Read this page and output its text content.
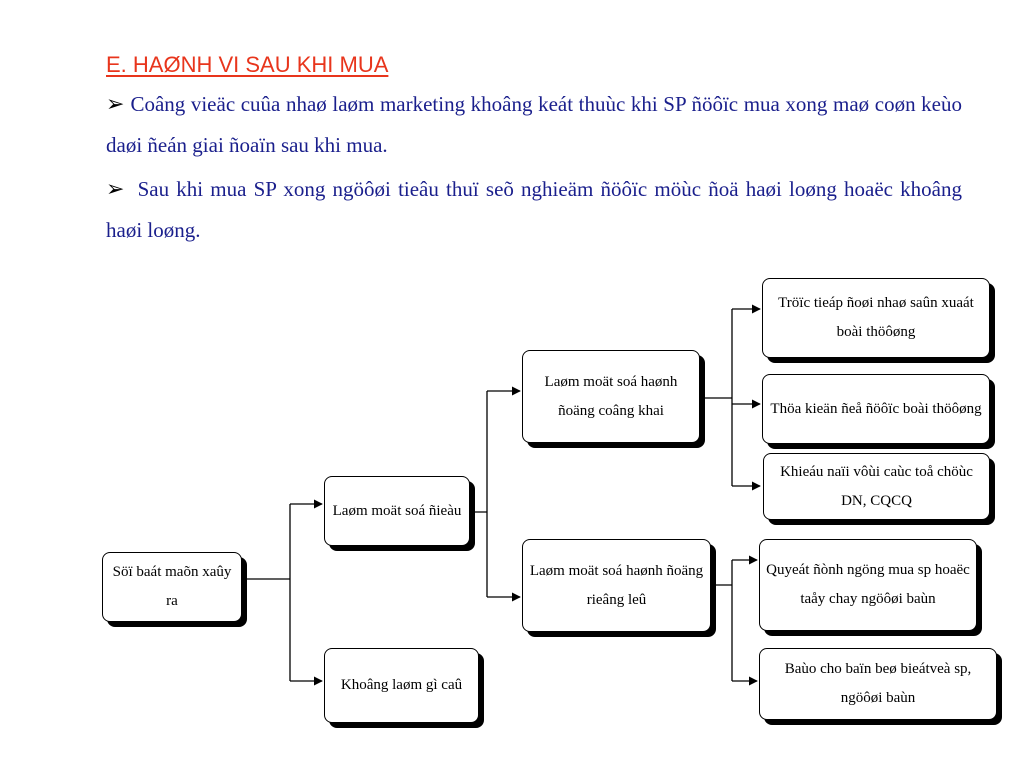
E. HAØNH VI SAU KHI MUA

➢ Coâng vieäc cuûa nhaø laøm marketing khoâng keát thuùc khi SP ñöôïc mua xong maø coøn keùo daøi ñeán giai ñoaïn sau khi mua.

➢ Sau khi mua SP xong ngöôøi tieâu thuï seõ nghieäm ñöôïc möùc ñoä haøi loøng hoaëc khoâng haøi loøng.

Söï baát maõn xaûy ra
Laøm moät soá ñieàu
Khoâng laøm gì caû
Laøm moät soá haønh ñoäng coâng khai
Laøm moät soá haønh ñoäng rieâng leû
Tröïc tieáp ñoøi nhaø saûn xuaát boài thöôøng
Thöa kieän ñeå ñöôïc boài thöôøng
Khieáu naïi vôùi caùc toå chöùc DN, CQCQ
Quyeát ñònh ngöng mua sp hoaëc taåy chay ngöôøi baùn
Baùo cho baïn beø bieátveà sp, ngöôøi baùn
